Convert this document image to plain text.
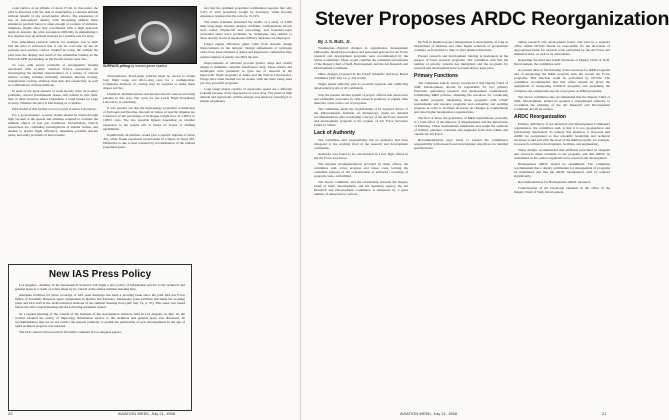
room surface at an altitude of about 15 mi. In this panel, the pilot is absorbed with the task of maintaining a constant altitude without benefit of any aerodynamic effects. The experience of rise in atmospheric density with decreasing altitude these simulators perform below it often enough of a nature of altitudes. Simulator flights show that coordinated with a high approach angle of descent, the pilot encounters difficulty in maintaining a few degrees near up attitude selected as a suitable one for entry.

Free atmosphere research vehicle, for example, was so built that the pilot is instructed that it can be overcome by the air pressure and reaction control. Trained in 2-deg. the attitude the pilot uses the display and reach of the simulation landing as the Edwards AFB and landing on the Pacific Ocean were also.

To cope with severe problems of aerodynamic heating associated with re-entry vehicles, NACA researchers are investigating the thermal characteristics of a variety of various surface cooling schemes including radiation, internal cooling, transpiration cooling, ablation, heat sink and conduction, as well as combinations of these methods.

In spite of the great amount of work already done on re-entry problems, several fundamental issues still remain in this field. One of these involves Amos Lieberman, a wind tunnel for large re-entry. Whether the pilot is functioning as a capable.

Pilot model of this facility is now located at Ames Laboratory.

For a good measure, re-entry bodies should be tested through high vacuum at the speeds and altitudes required to evaluate the ultimate effects of real gas conditions. Nevertheless, NACA researchers are continuing investigations of slender bodies, and models to predict flight efficiency, determine possible descent paths, and study problems of heat transfer.

SURFACE pitting by ionized gases studied.

characteristics. Road-glide vehicles must be shown to obtain long flight range and lift-to-drag ratio for a configuration. Completed methods of cooling may be required to make these shapes survive.

Chemical, thermal-nuclear and nuclear electric sources are being pursued in this area. The cycle for the Lewis Flight Propulsion Laboratory is promising.

It was pointed out that the high-energy propellant combination of hydrogen and fluorine, theoretical values of specific impulse are a function of the percentage of hydrogen weight flow at a 600:1 to 1000:1 ratio. The two possible figures depending on whether expansion to the nozzle exit is based on frozen or shifting equilibrium.

Equilibrium calculations would give a specific impulse of about 401, while frozen expansion would result in a figure of about 365. Difference is due to heat released by recombination of the ionized propellant gases.

fact that the optimum propellant combination requires that only 5-6% of total propellant weight be hydrogen, while fluorine expansion requires that the ratio be 15-19%.

The Ames scientists presented the results of a study of 2,000 mph long-range airplane designs. Airframe configurations shown were tailed. Engine-lift and area-ruling, and boundary-layer controlled sheet wave problems. So techniques very similar to those already in use in supersonic military airplanes are employed.

Larger engine efficiency gains come from sizeable design improvements in the turbojet. Design refinements of hydrogen ratios have been obtained at Ames and supersonic combustion may require engines of nearly one-third the size.

Improvements of turbojets provide greater range and careful design to minimize complete interference drag. These efforts and techniques were presented as gave use of research in the hypersonic flight programs at Ames and the NACA Laboratories. Wings have been studied but no matter with the fuels being used yet very powerful programs.

Long range planes capable of supersonic speed are a different problem because of the appearance of wave drag. The panel of high altitude and hypersonic vehicle designs was made by reducing it to simple parameters.

New IAS Press Policy

Los Angeles—Institute of the Aeronautical Sciences will begin a new policy of information service to the technical and general press as a result of action taken by its council at the annual summer meeting here.

Adequate facilities for press coverage of IAS open meetings has been a growing issue since the joint IAS-Air Force Office of Scientific Research space symposium in Denver last February. Inadequate press facilities prevented the working press and IAS staff at the sixth technical sessions of the summer meeting here (AW July 14, p. 37). This issue was raised before the IAS council meeting and the following statement issued:

At a regular meeting of the council of the Institute of the Aeronautical Sciences held in Los Angeles on July 10, the council adopted the policy of improving information service to the technical and general press was discussed. Its recommendation that we do not restrict the general publicity or permit the publication of new developments in the age of rapid technical progress was adopted.

The IAS council action received favorable comment in Los Angeles papers.

20	AVIATION WEEK, July 21, 1958
Stever Proposes ARDC Reorganization

By J. S. Butz, Jr.

Washington—Explicit changes in organization, management philosophy, financial procedures and personnel policies for Air Force research and development programs were recommended by the Stever Committee. These would combine the command and mission of the Deputy Chief of Staff, Development, and the Air Research and Development Command.

Other changes proposed in the USAF Scientific Advisory Board committee (AW July 14, p. 29) would:

Single parent authority plan to reconcile separate and conflicting development goals of all commands.

Stop the present relative system of project officers that places new and unfamiliar personnel in vital research positions at regular time intervals, often at the cost of programs.

The committee, under the chairmanship of H. Guyford Stever of the Massachusetts Institute of Technology, made its detailed recommendations after concluding a survey of the Air Force research and development program at the request of Air Force Secretary James D. White.

Lack of Authority

The committee said responsibility but no authority had been delegated to the working level of the research and development commands.

Authority was found to be concentrated in a few high offices in the Air Force and above.

The detailed recommendations provided by these offices, the committee said, slows progress and raises costs, leaving the ostensible purpose of the concentration of authority—lowering of program costs—unfulfilled.

The Stever committee said the relationship between the Deputy Chief of Staff, Development, and his operating agency, the Air Research and Development Command, is hampered by a great number of unnecessary controls.

DCS/D in detailed project management is inescapable, as long as Department of Defense and other higher echelons of government continue, as from time to time, to give detailed directions.

Present research and development funding is inadequate in the support of basic research programs. The committee said that the number of priority systems has multiplied, and the programs for research and development have not been able to keep pace.

Primary Functions

The committee said its survey convinced it that Deputy Chief of Staff, Development, should be responsible for two primary functions: generating research and development requirements, formulating R&D policies, obtaining the resources for conducting the R&D program, integrating those programs with USAF requirements and resource programs and evaluating and auditing progress in order to facilitate decisions on changes in requirements and other higher headquarters organizations.

The first of these, the generation of R&D requirements, presently is a joint effort of the Director of Requirements and the Directorate of Planning. These requirements summarize and weigh the opinions of military planners, scientists and engineers from both within and outside the Air Force.

Recommendations were made to expand the committee's responsibility with research and development objectives, for detailed specifications.

tailing research and development policy and said in a separate office within DCS/D should be responsible for the allocation of appropriated funds for research work performed by the Air Force and industrial units, as well as by universities.

Regarding the third and fourth functions of Deputy Chief of Staff, Development, the committee said:

At present there is fractionating of the resources for R&D programs and of integrating the R&D program with the overall Air Force programs. This function could be performed by DCS/D. The committee recommended that this office should be given the assignment of integrating technical programs and presenting the complete and comparable reports of progress on R&D programs.

The Stever committee also recommended that the Deputy Chief of Staff, Development, should be granted a strengthened authority to coordinate the planning of the Air Research and Development Command and all its centers.

ARDC Reorganization

Primary deficiency of Air Research and Development Command's organization, the committee said, is that it is too geographical and functionally distributed. To remedy this situation, it proposed that ARDC be reorganized so that scientific leadership and technical decisions would rest with the level of the R&D program, for example, in research, technical development, facilities, and engineering.

These designs recommended that sufficient personnel be assigned and resources made available to the program, and that ARDC be established as the central organization for research and development.

Headquarters ARDC should be streamlined. The committee recommended that a deputy commander for management of programs be established and that the ARDC headquarters staff be reduced significantly.

Recommendations for Headquarters ARDC included:

Centralization of the functional elements in the office of the Deputy Chief of Staff, Development.

AVIATION WEEK, July 21, 1958	21
